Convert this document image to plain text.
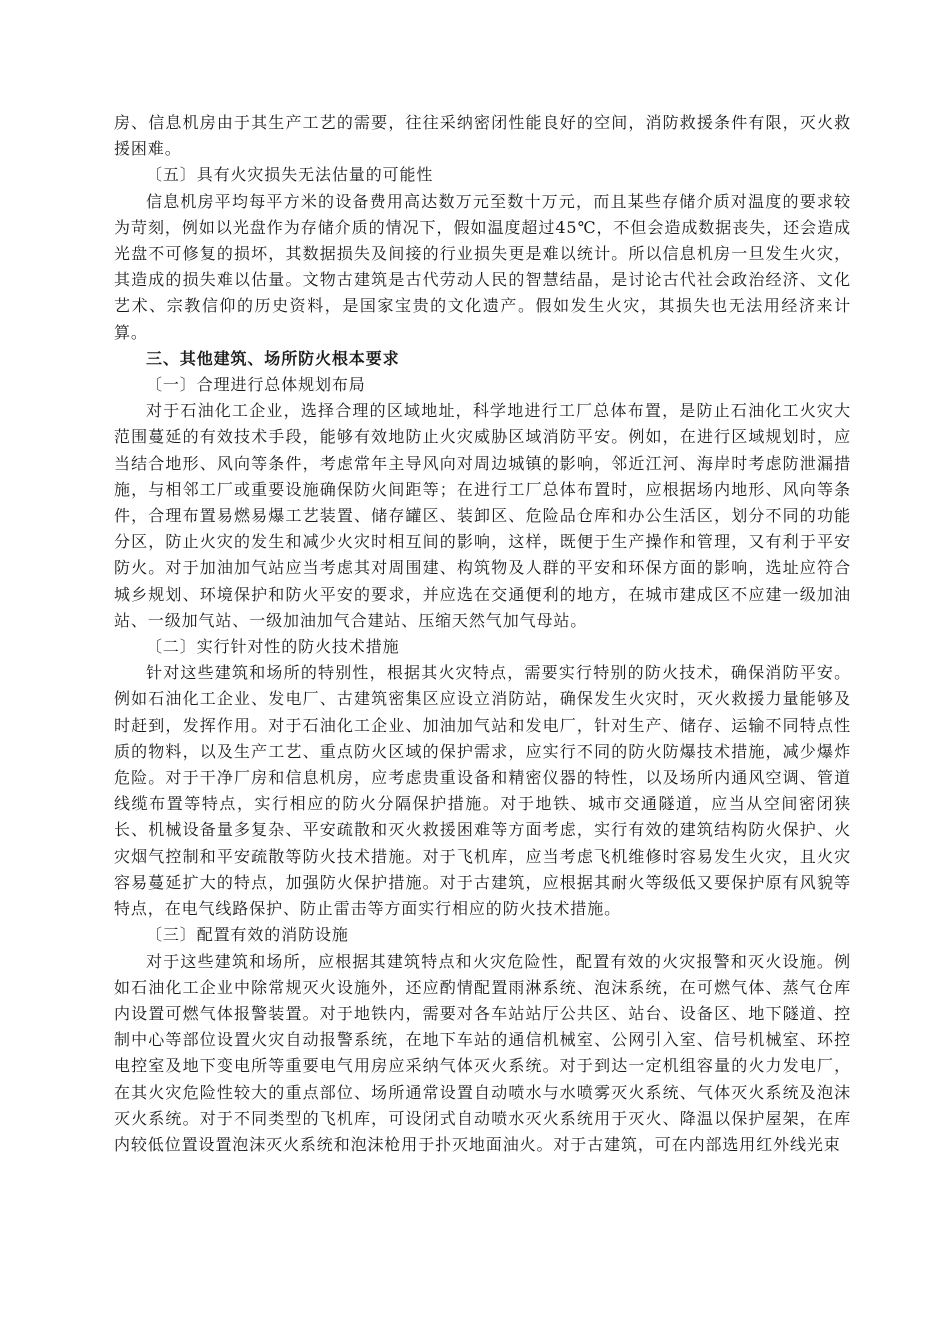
房、信息机房由于其生产工艺的需要，往往采纳密闭性能良好的空间，消防救援条件有限，灭火救援困难。

〔五〕具有火灾损失无法估量的可能性

信息机房平均每平方米的设备费用高达数万元至数十万元，而且某些存储介质对温度的要求较为苛刻，例如以光盘作为存储介质的情况下，假如温度超过45℃，不但会造成数据丧失，还会造成光盘不可修复的损坏，其数据损失及间接的行业损失更是难以统计。所以信息机房一旦发生火灾，其造成的损失难以估量。文物古建筑是古代劳动人民的智慧结晶，是讨论古代社会政治经济、文化艺术、宗教信仰的历史资料，是国家宝贵的文化遗产。假如发生火灾，其损失也无法用经济来计算。

三、其他建筑、场所防火根本要求

〔一〕合理进行总体规划布局

对于石油化工企业，选择合理的区域地址，科学地进行工厂总体布置，是防止石油化工火灾大范围蔓延的有效技术手段，能够有效地防止火灾威胁区域消防平安。例如，在进行区域规划时，应当结合地形、风向等条件，考虑常年主导风向对周边城镇的影响，邻近江河、海岸时考虑防泄漏措施，与相邻工厂或重要设施确保防火间距等；在进行工厂总体布置时，应根据场内地形、风向等条件，合理布置易燃易爆工艺装置、储存罐区、装卸区、危险品仓库和办公生活区，划分不同的功能分区，防止火灾的发生和减少火灾时相互间的影响，这样，既便于生产操作和管理，又有利于平安防火。对于加油加气站应当考虑其对周围建、构筑物及人群的平安和环保方面的影响，选址应符合城乡规划、环境保护和防火平安的要求，并应选在交通便利的地方，在城市建成区不应建一级加油站、一级加气站、一级加油加气合建站、压缩天然气加气母站。

〔二〕实行针对性的防火技术措施

针对这些建筑和场所的特别性，根据其火灾特点，需要实行特别的防火技术，确保消防平安。例如石油化工企业、发电厂、古建筑密集区应设立消防站，确保发生火灾时，灭火救援力量能够及时赶到，发挥作用。对于石油化工企业、加油加气站和发电厂，针对生产、储存、运输不同特点性质的物料，以及生产工艺、重点防火区域的保护需求，应实行不同的防火防爆技术措施，减少爆炸危险。对于干净厂房和信息机房，应考虑贵重设备和精密仪器的特性，以及场所内通风空调、管道线缆布置等特点，实行相应的防火分隔保护措施。对于地铁、城市交通隧道，应当从空间密闭狭长、机械设备量多复杂、平安疏散和灭火救援困难等方面考虑，实行有效的建筑结构防火保护、火灾烟气控制和平安疏散等防火技术措施。对于飞机库，应当考虑飞机维修时容易发生火灾，且火灾容易蔓延扩大的特点，加强防火保护措施。对于古建筑，应根据其耐火等级低又要保护原有风貌等特点，在电气线路保护、防止雷击等方面实行相应的防火技术措施。

〔三〕配置有效的消防设施

对于这些建筑和场所，应根据其建筑特点和火灾危险性，配置有效的火灾报警和灭火设施。例如石油化工企业中除常规灭火设施外，还应酌情配置雨淋系统、泡沫系统，在可燃气体、蒸气仓库内设置可燃气体报警装置。对于地铁内，需要对各车站站厅公共区、站台、设备区、地下隧道、控制中心等部位设置火灾自动报警系统，在地下车站的通信机械室、公网引入室、信号机械室、环控电控室及地下变电所等重要电气用房应采纳气体灭火系统。对于到达一定机组容量的火力发电厂，在其火灾危险性较大的重点部位、场所通常设置自动喷水与水喷雾灭火系统、气体灭火系统及泡沫灭火系统。对于不同类型的飞机库，可设闭式自动喷水灭火系统用于灭火、降温以保护屋架，在库内较低位置设置泡沫灭火系统和泡沫枪用于扑灭地面油火。对于古建筑，可在内部选用红外线光束
